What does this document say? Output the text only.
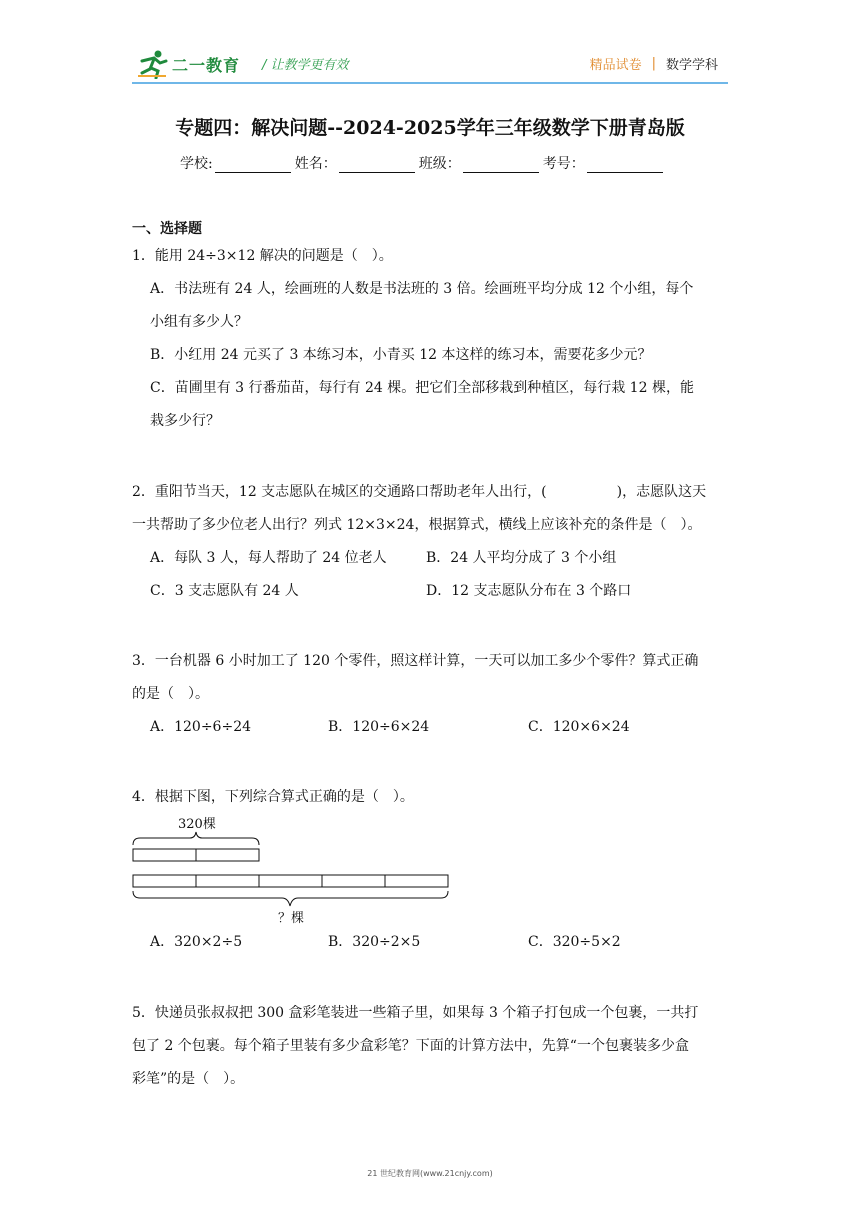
二一教育 / 让教学更有效	精品试卷 | 数学学科
专题四：解决问题--2024-2025学年三年级数学下册青岛版
学校:	姓名：	班级：	考号：
一、选择题

1．能用 24÷3×12 解决的问题是（　）。

A．书法班有 24 人，绘画班的人数是书法班的 3 倍。绘画班平均分成 12 个小组，每个

小组有多少人？

B．小红用 24 元买了 3 本练习本，小青买 12 本这样的练习本，需要花多少元？

C．苗圃里有 3 行番茄苗，每行有 24 棵。把它们全部移栽到种植区，每行栽 12 棵，能

栽多少行？

2．重阳节当天，12 支志愿队在城区的交通路口帮助老年人出行，(　　　　　)，志愿队这天

一共帮助了多少位老人出行？列式 12×3×24，根据算式，横线上应该补充的条件是（　）。

A．每队 3 人，每人帮助了 24 位老人	B．24 人平均分成了 3 个小组
C．3 支志愿队有 24 人	D．12 支志愿队分布在 3 个路口

3．一台机器 6 小时加工了 120 个零件，照这样计算，一天可以加工多少个零件？算式正确

的是（　）。

A．120÷6÷24	B．120÷6×24	C．120×6×24

4．根据下图，下列综合算式正确的是（　）。

320棵
？棵
A．320×2÷5	B．320÷2×5	C．320÷5×2

5．快递员张叔叔把 300 盒彩笔装进一些箱子里，如果每 3 个箱子打包成一个包裹，一共打

包了 2 个包裹。每个箱子里装有多少盒彩笔？下面的计算方法中，先算“一个包裹装多少盒

彩笔”的是（　）。

21 世纪教育网(www.21cnjy.com)
